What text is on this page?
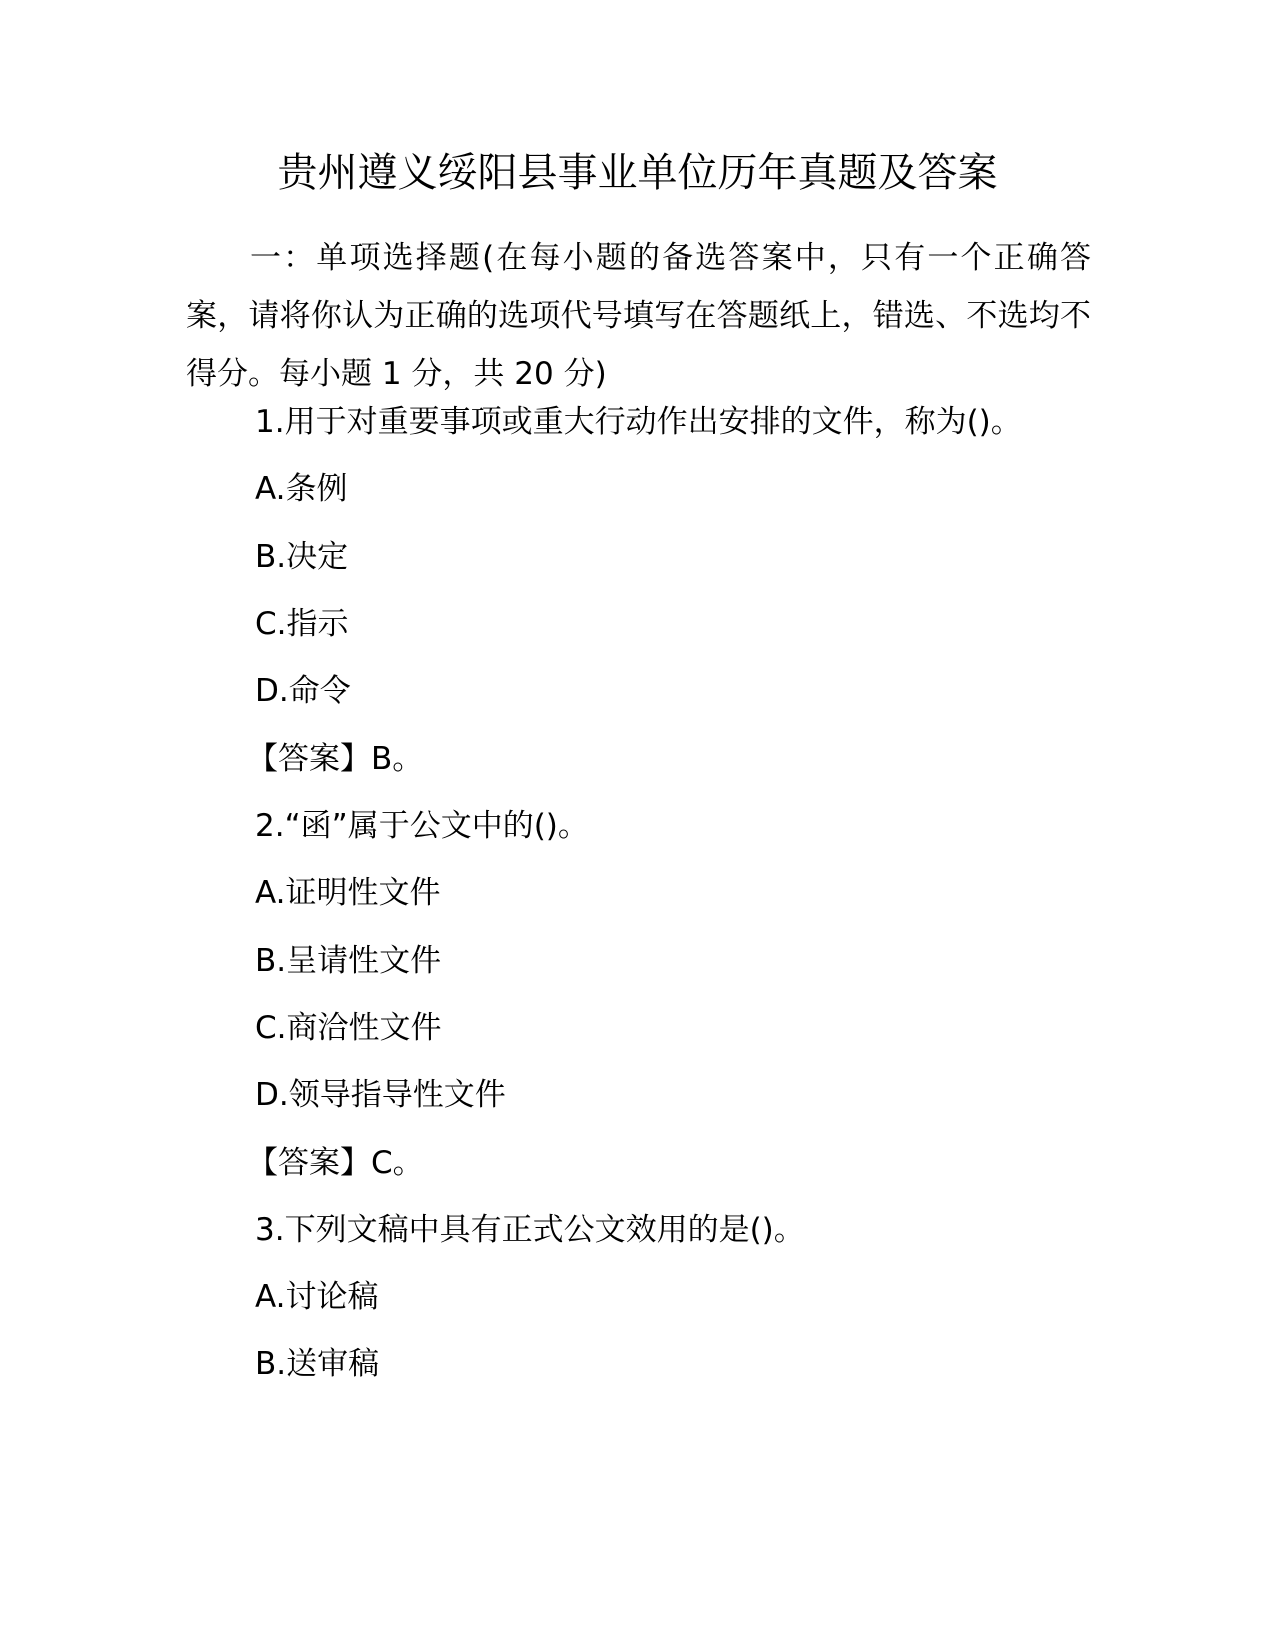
贵州遵义绥阳县事业单位历年真题及答案

一：单项选择题(在每小题的备选答案中，只有一个正确答案，请将你认为正确的选项代号填写在答题纸上，错选、不选均不得分。每小题 1 分，共 20 分)

1.用于对重要事项或重大行动作出安排的文件，称为()。

A.条例

B.决定

C.指示

D.命令

【答案】B。

2.“函”属于公文中的()。

A.证明性文件

B.呈请性文件

C.商洽性文件

D.领导指导性文件

【答案】C。

3.下列文稿中具有正式公文效用的是()。

A.讨论稿

B.送审稿
